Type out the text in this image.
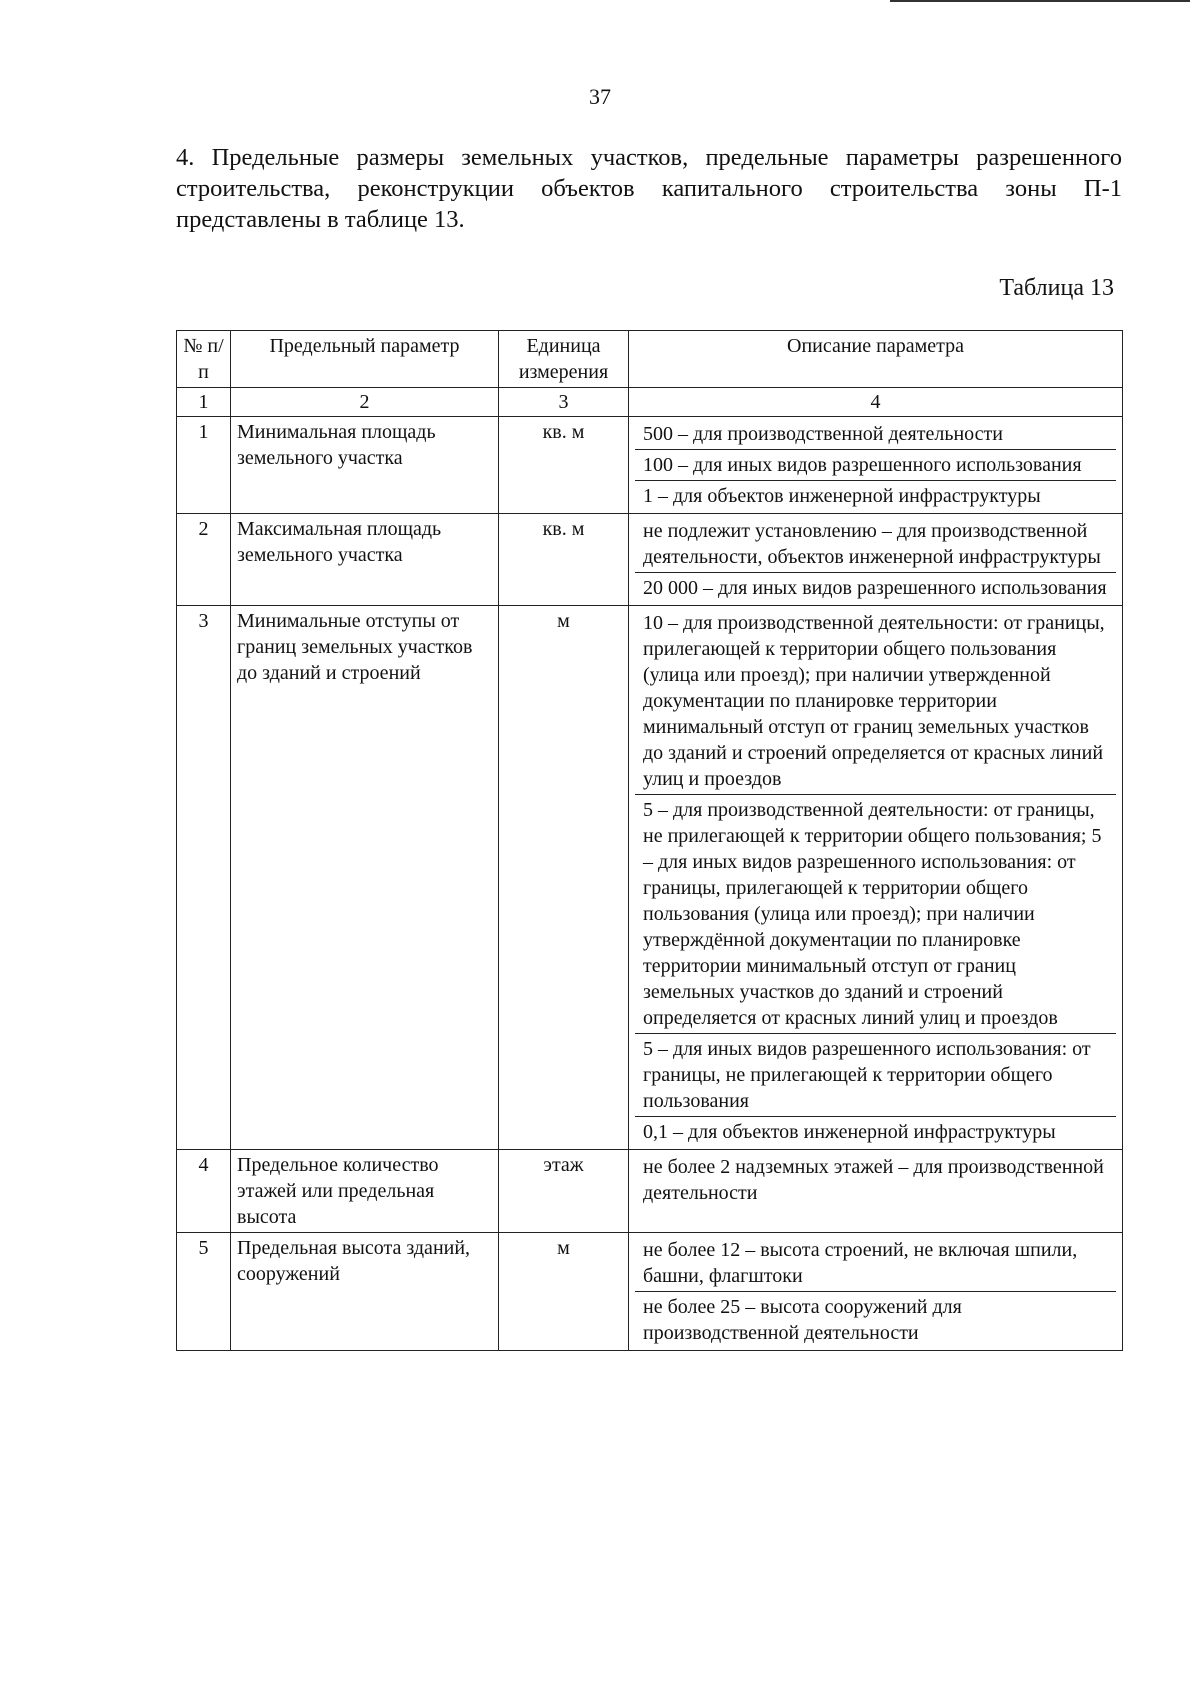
37

4. Предельные размеры земельных участков, предельные параметры разрешенного строительства, реконструкции объектов капитального строительства зоны П-1 представлены в таблице 13.

Таблица 13
№ п/п	Предельный параметр	Единица измерения	Описание параметра
1	2	3	4
1	Минимальная площадь земельного участка	кв. м	500 – для производственной деятельности
100 – для иных видов разрешенного использования
1 – для объектов инженерной инфраструктуры

2	Максимальная площадь земельного участка	кв. м	не подлежит установлению – для производственной деятельности, объектов инженерной инфраструктуры
20 000 – для иных видов разрешенного использования

3	Минимальные отступы от границ земельных участков до зданий и строений	м	10 – для производственной деятельности: от границы, прилегающей к территории общего пользования (улица или проезд); при наличии утвержденной документации по планировке территории минимальный отступ от границ земельных участков до зданий и строений определяется от красных линий улиц и проездов
5 – для производственной деятельности: от границы, не прилегающей к территории общего пользования; 5 – для иных видов разрешенного использования: от границы, прилегающей к территории общего пользования (улица или проезд); при наличии утверждённой документации по планировке территории минимальный отступ от границ земельных участков до зданий и строений определяется от красных линий улиц и проездов
5 – для иных видов разрешенного использования: от границы, не прилегающей к территории общего пользования
0,1 – для объектов инженерной инфраструктуры

4	Предельное количество этажей или предельная высота	этаж	не более 2 надземных этажей – для производственной деятельности

5	Предельная высота зданий, сооружений	м	не более 12 – высота строений, не включая шпили, башни, флагштоки
не более 25 – высота сооружений для производственной деятельности
